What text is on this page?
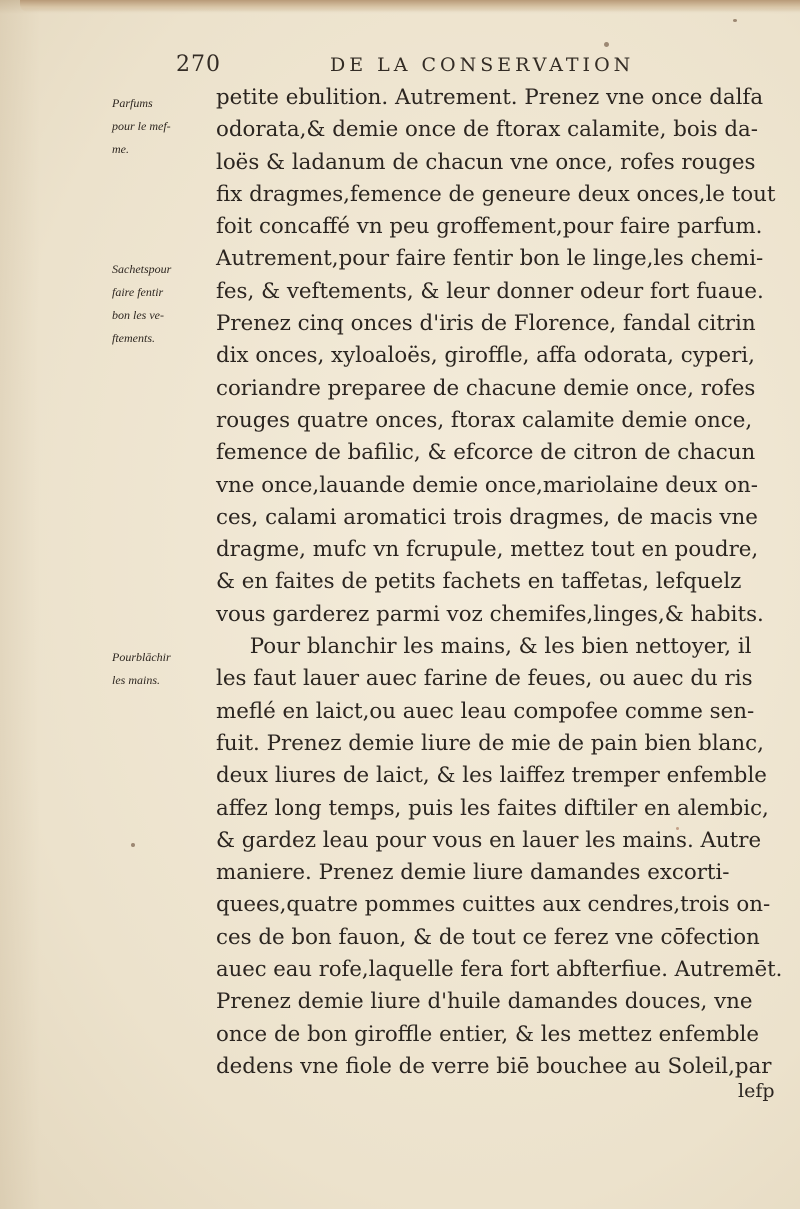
270	DE LA CONSERVATION
Parfums
pour le mef-
me.
Sachetspour
faire fentir
bon les ve-
ftements.
Pourblāchir
les mains.
petite ebulition. Autrement. Prenez vne once dalfa
odorata,& demie once de ftorax calamite, bois da-
loës & ladanum de chacun vne once, rofes rouges
fix dragmes,femence de geneure deux onces,le tout
foit concaffé vn peu groffement,pour faire parfum.
Autrement,pour faire fentir bon le linge,les chemi-
fes, & veftements, & leur donner odeur fort fuaue.
Prenez cinq onces d'iris de Florence, fandal citrin
dix onces, xyloaloës, giroffle, affa odorata, cyperi,
coriandre preparee de chacune demie once, rofes
rouges quatre onces, ftorax calamite demie once,
femence de bafilic, & efcorce de citron de chacun
vne once,lauande demie once,mariolaine deux on-
ces, calami aromatici trois dragmes, de macis vne
dragme, mufc vn fcrupule, mettez tout en poudre,
& en faites de petits fachets en taffetas, lefquelz
vous garderez parmi voz chemifes,linges,& habits.
Pour blanchir les mains, & les bien nettoyer, il
les faut lauer auec farine de feues, ou auec du ris
meflé en laict,ou auec leau compofee comme sen-
fuit. Prenez demie liure de mie de pain bien blanc,
deux liures de laict, & les laiffez tremper enfemble
affez long temps, puis les faites diftiler en alembic,
& gardez leau pour vous en lauer les mains. Autre
maniere. Prenez demie liure damandes excorti-
quees,quatre pommes cuittes aux cendres,trois on-
ces de bon fauon, & de tout ce ferez vne cōfection
auec eau rofe,laquelle fera fort abfterfiue. Autremēt.
Prenez demie liure d'huile damandes douces, vne
once de bon giroffle entier, & les mettez enfemble
dedens vne fiole de verre biē bouchee au Soleil,par
lefp
